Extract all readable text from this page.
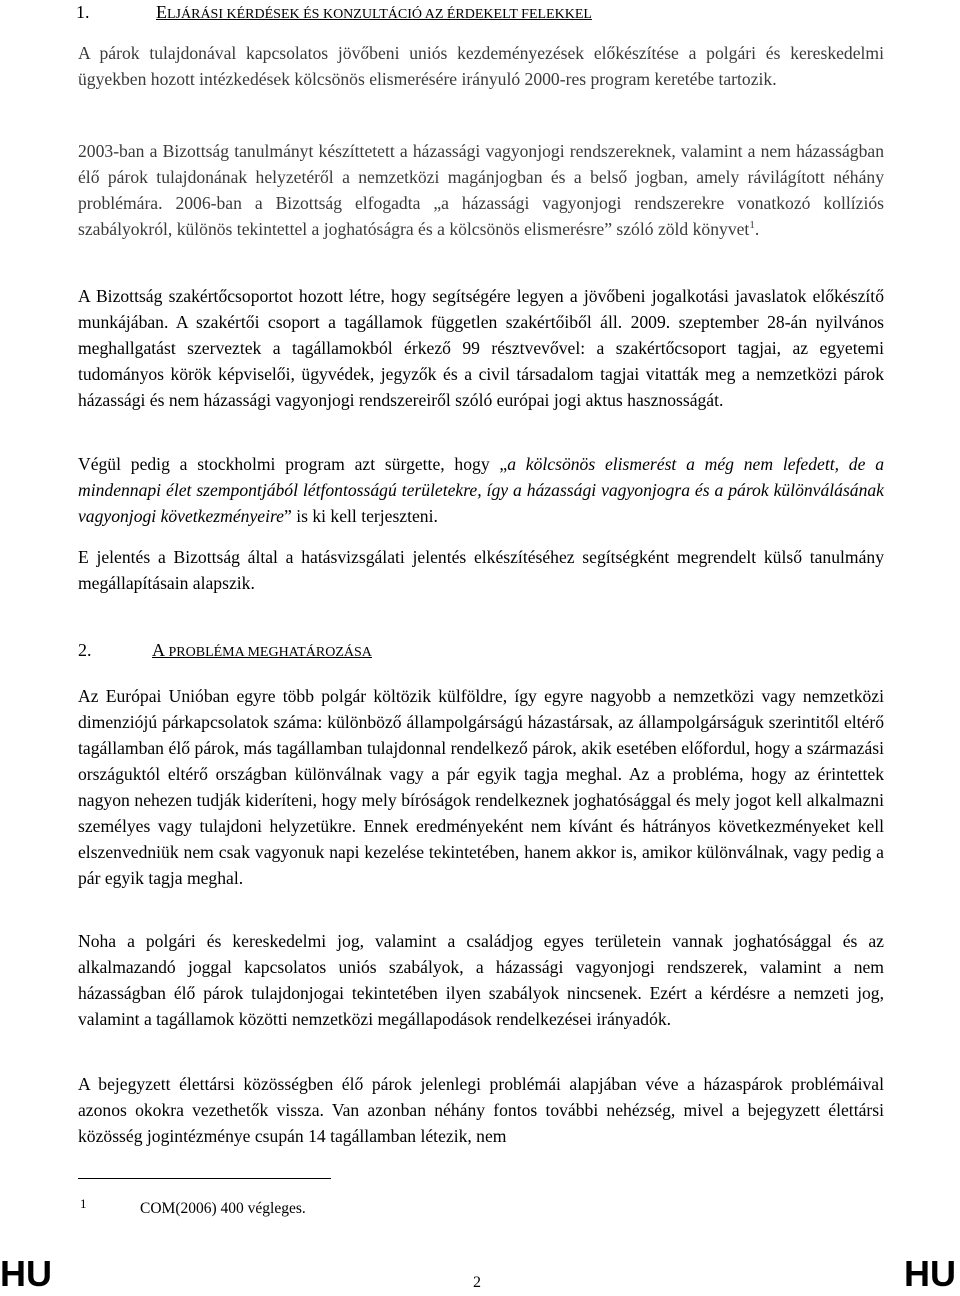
1.	ELJÁRÁSI KÉRDÉSEK ÉS KONZULTÁCIÓ AZ ÉRDEKELT FELEKKEL

A párok tulajdonával kapcsolatos jövőbeni uniós kezdeményezések előkészítése a polgári és kereskedelmi ügyekben hozott intézkedések kölcsönös elismerésére irányuló 2000-res program keretébe tartozik.

2003-ban a Bizottság tanulmányt készíttetett a házassági vagyonjogi rendszereknek, valamint a nem házasságban élő párok tulajdonának helyzetéről a nemzetközi magánjogban és a belső jogban, amely rávilágított néhány problémára. 2006-ban a Bizottság elfogadta „a házassági vagyonjogi rendszerekre vonatkozó kollíziós szabályokról, különös tekintettel a joghatóságra és a kölcsönös elismerésre” szóló zöld könyvet$^1$.

A Bizottság szakértőcsoportot hozott létre, hogy segítségére legyen a jövőbeni jogalkotási javaslatok előkészítő munkájában. A szakértői csoport a tagállamok független szakértőiből áll. 2009. szeptember 28-án nyilvános meghallgatást szerveztek a tagállamokból érkező 99 résztvevővel: a szakértőcsoport tagjai, az egyetemi tudományos körök képviselői, ügyvédek, jegyzők és a civil társadalom tagjai vitatták meg a nemzetközi párok házassági és nem házassági vagyonjogi rendszereiről szóló európai jogi aktus hasznosságát.

Végül pedig a stockholmi program azt sürgette, hogy „a kölcsönös elismerést a még nem lefedett, de a mindennapi élet szempontjából létfontosságú területekre, így a házassági vagyonjogra és a párok különválásának vagyonjogi következményeire” is ki kell terjeszteni.

E jelentés a Bizottság által a hatásvizsgálati jelentés elkészítéséhez segítségként megrendelt külső tanulmány megállapításain alapszik.

2.	A PROBLÉMA MEGHATÁROZÁSA

Az Európai Unióban egyre több polgár költözik külföldre, így egyre nagyobb a nemzetközi vagy nemzetközi dimenziójú párkapcsolatok száma: különböző állampolgárságú házastársak, az állampolgárságuk szerintitől eltérő tagállamban élő párok, más tagállamban tulajdonnal rendelkező párok, akik esetében előfordul, hogy a származási országuktól eltérő országban különválnak vagy a pár egyik tagja meghal. Az a probléma, hogy az érintettek nagyon nehezen tudják kideríteni, hogy mely bíróságok rendelkeznek joghatósággal és mely jogot kell alkalmazni személyes vagy tulajdoni helyzetükre. Ennek eredményeként nem kívánt és hátrányos következményeket kell elszenvedniük nem csak vagyonuk napi kezelése tekintetében, hanem akkor is, amikor különválnak, vagy pedig a pár egyik tagja meghal.

Noha a polgári és kereskedelmi jog, valamint a családjog egyes területein vannak joghatósággal és az alkalmazandó joggal kapcsolatos uniós szabályok, a házassági vagyonjogi rendszerek, valamint a nem házasságban élő párok tulajdonjogai tekintetében ilyen szabályok nincsenek. Ezért a kérdésre a nemzeti jog, valamint a tagállamok közötti nemzetközi megállapodások rendelkezései irányadók.

A bejegyzett élettársi közösségben élő párok jelenlegi problémái alapjában véve a házaspárok problémáival azonos okokra vezethetők vissza. Van azonban néhány fontos további nehézség, mivel a bejegyzett élettársi közösség jogintézménye csupán 14 tagállamban létezik, nem

1	COM(2006) 400 végleges.
HU	2	HU
